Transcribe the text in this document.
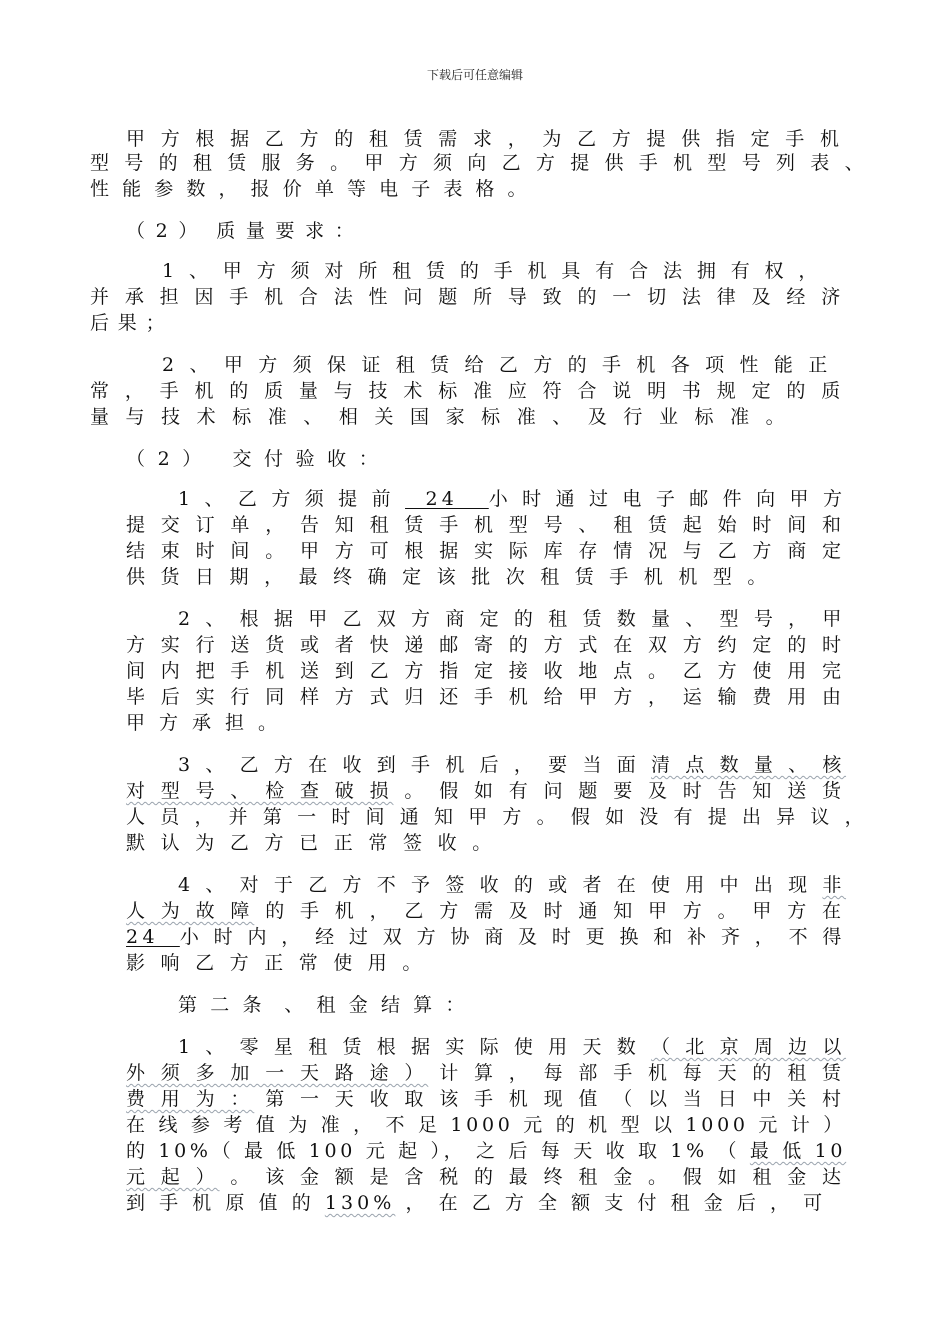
下载后可任意编辑
甲 方 根 据 乙 方 的 租 赁 需 求 ， 为 乙 方 提 供 指 定 手 机
型 号 的 租 赁 服 务 。 甲 方 须 向 乙 方 提 供 手 机 型 号 列 表 、
性 能 参 数 ， 报 价 单 等 电 子 表 格 。
（ 2 ）  质 量 要 求 ：
1 、 甲 方 须 对 所 租 赁 的 手 机 具 有 合 法 拥 有 权 ，
并 承 担 因 手 机 合 法 性 问 题 所 导 致 的 一 切 法 律 及 经 济
后 果 ；
2 、 甲 方 须 保 证 租 赁 给 乙 方 的 手 机 各 项 性 能 正
常 ， 手 机 的 质 量 与 技 术 标 准 应 符 合 说 明 书 规 定 的 质
量 与 技 术 标 准 、 相 关 国 家 标 准 、 及 行 业 标 准 。
（ 2 ）   交 付 验 收 ：
1 、 乙 方 须 提 前   24   小 时 通 过 电 子 邮 件 向 甲 方
提 交 订 单 ， 告 知 租 赁 手 机 型 号 、 租 赁 起 始 时 间 和
结 束 时 间 。 甲 方 可 根 据 实 际 库 存 情 况 与 乙 方 商 定
供 货 日 期 ， 最 终 确 定 该 批 次 租 赁 手 机 机 型 。
2 、 根 据 甲 乙 双 方 商 定 的 租 赁 数 量 、 型 号 ， 甲
方 实 行 送 货 或 者 快 递 邮 寄 的 方 式 在 双 方 约 定 的 时
间 内 把 手 机 送 到 乙 方 指 定 接 收 地 点 。 乙 方 使 用 完
毕 后 实 行 同 样 方 式 归 还 手 机 给 甲 方 ， 运 输 费 用 由
甲 方 承 担 。
3 、 乙 方 在 收 到 手 机 后 ， 要 当 面 清 点 数 量 、 核
对 型 号 、 检 查 破 损 。 假 如 有 问 题 要 及 时 告 知 送 货
人 员 ， 并 第 一 时 间 通 知 甲 方 。 假 如 没 有 提 出 异 议 ，
默 认 为 乙 方 已 正 常 签 收 。
4 、 对 于 乙 方 不 予 签 收 的 或 者 在 使 用 中 出 现 非
人 为 故 障 的 手 机 ， 乙 方 需 及 时 通 知 甲 方 。 甲 方 在
24  小 时 内 ， 经 过 双 方 协 商 及 时 更 换 和 补 齐 ， 不 得
影 响 乙 方 正 常 使 用 。
第 二 条  、 租 金 结 算 ：
1 、 零 星 租 赁 根 据 实 际 使 用 天 数 （ 北 京 周 边 以
外 须 多 加 一 天 路 途 ） 计 算 ， 每 部 手 机 每 天 的 租 赁
费 用 为 ： 第 一 天 收 取 该 手 机 现 值 （ 以 当 日 中 关 村
在 线 参 考 值 为 准 ， 不 足 1000 元 的 机 型 以 1000 元 计 ）
的 10%（ 最 低 100 元 起 ）， 之 后 每 天 收 取 1% （ 最 低 10
元 起 ） 。 该 金 额 是 含 税 的 最 终 租 金 。 假 如 租 金 达
到 手 机 原 值 的 130% ， 在 乙 方 全 额 支 付 租 金 后 ， 可
